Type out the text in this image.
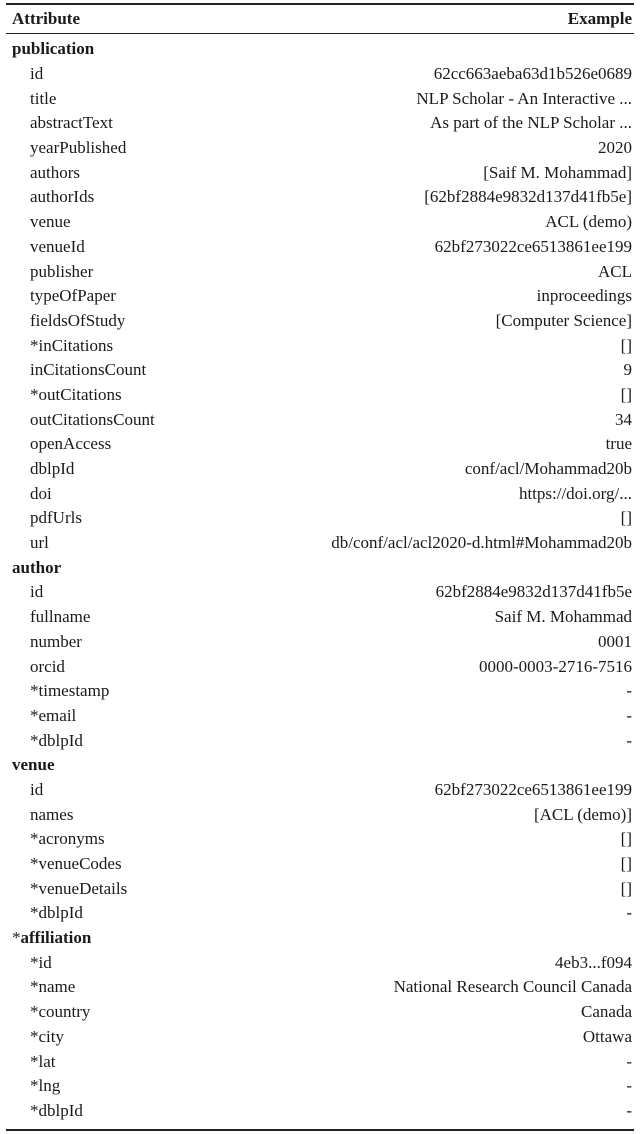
Attribute	Example
publication
id	62cc663aeba63d1b526e0689
title	NLP Scholar - An Interactive ...
abstractText	As part of the NLP Scholar ...
yearPublished	2020
authors	[Saif M. Mohammad]
authorIds	[62bf2884e9832d137d41fb5e]
venue	ACL (demo)
venueId	62bf273022ce6513861ee199
publisher	ACL
typeOfPaper	inproceedings
fieldsOfStudy	[Computer Science]
*inCitations	[]
inCitationsCount	9
*outCitations	[]
outCitationsCount	34
openAccess	true
dblpId	conf/acl/Mohammad20b
doi	https://doi.org/...
pdfUrls	[]
url	db/conf/acl/acl2020-d.html#Mohammad20b
author
id	62bf2884e9832d137d41fb5e
fullname	Saif M. Mohammad
number	0001
orcid	0000-0003-2716-7516
*timestamp	-
*email	-
*dblpId	-
venue
id	62bf273022ce6513861ee199
names	[ACL (demo)]
*acronyms	[]
*venueCodes	[]
*venueDetails	[]
*dblpId	-
*affiliation
*id	4eb3...f094
*name	National Research Council Canada
*country	Canada
*city	Ottawa
*lat	-
*lng	-
*dblpId	-
